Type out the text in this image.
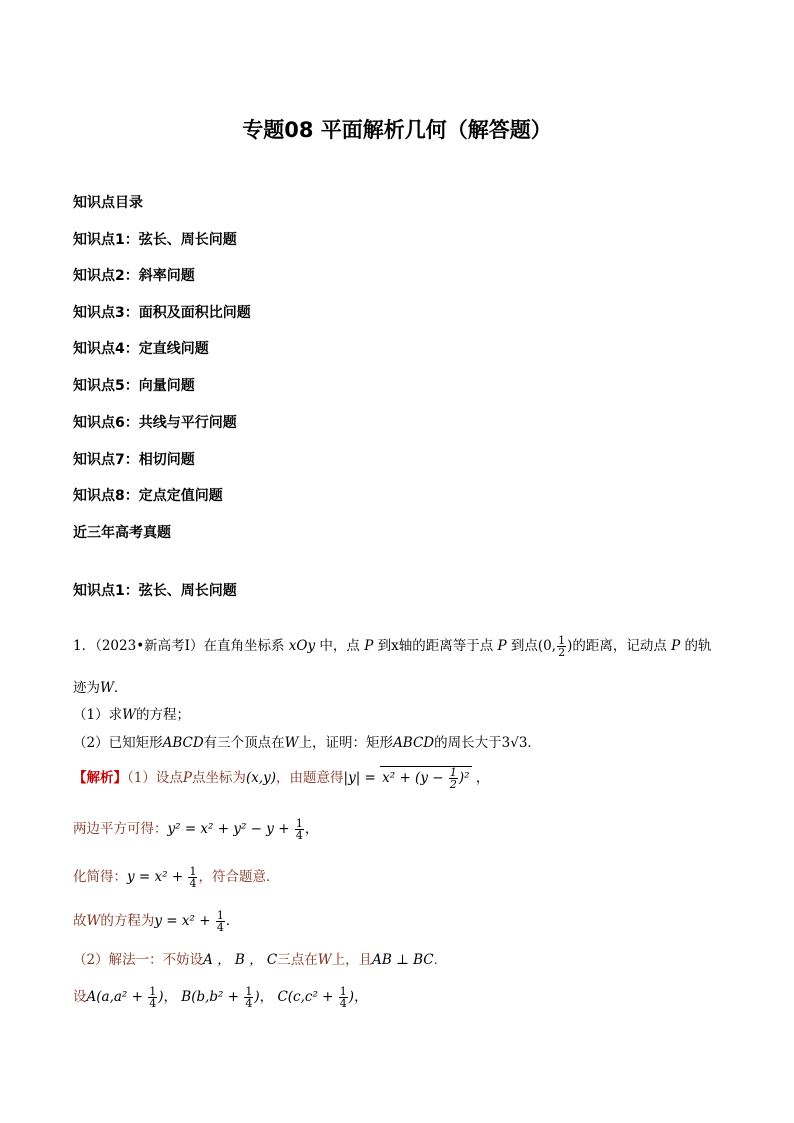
专题08 平面解析几何（解答题）
知识点目录
知识点1：弦长、周长问题
知识点2：斜率问题
知识点3：面积及面积比问题
知识点4：定直线问题
知识点5：向量问题
知识点6：共线与平行问题
知识点7：相切问题
知识点8：定点定值问题
近三年高考真题
知识点1：弦长、周长问题
1．（2023•新高考Ⅰ）在直角坐标系 xOy 中，点 P 到x轴的距离等于点 P 到点(0, $\frac{1}{2}$ )的距离，记动点 P 的轨
迹为W．
（1）求W的方程；
（2）已知矩形ABCD有三个顶点在W上，证明：矩形ABCD的周长大于3√3．
【解析】（1）设点P点坐标为(x,y)，由题意得$|y| = x^2 + (y - \frac{1}{2} )^2$ ，
两边平方可得：$y^2 = x^2 + y^2 - y + \frac{1}{4}$ ，
化简得：$y = x^2 + \frac{1}{4}$ ，符合题意．
故W的方程为$y = x^2 + \frac{1}{4}$ ．
（2）解法一：不妨设A ， B ， C三点在W上，且AB ⊥ BC．
设$A(a,a^2 + \frac{1}{4}$ )， $B(b,b^2 + \frac{1}{4}$ )， $C(c,c^2 + \frac{1}{4}$ )，
